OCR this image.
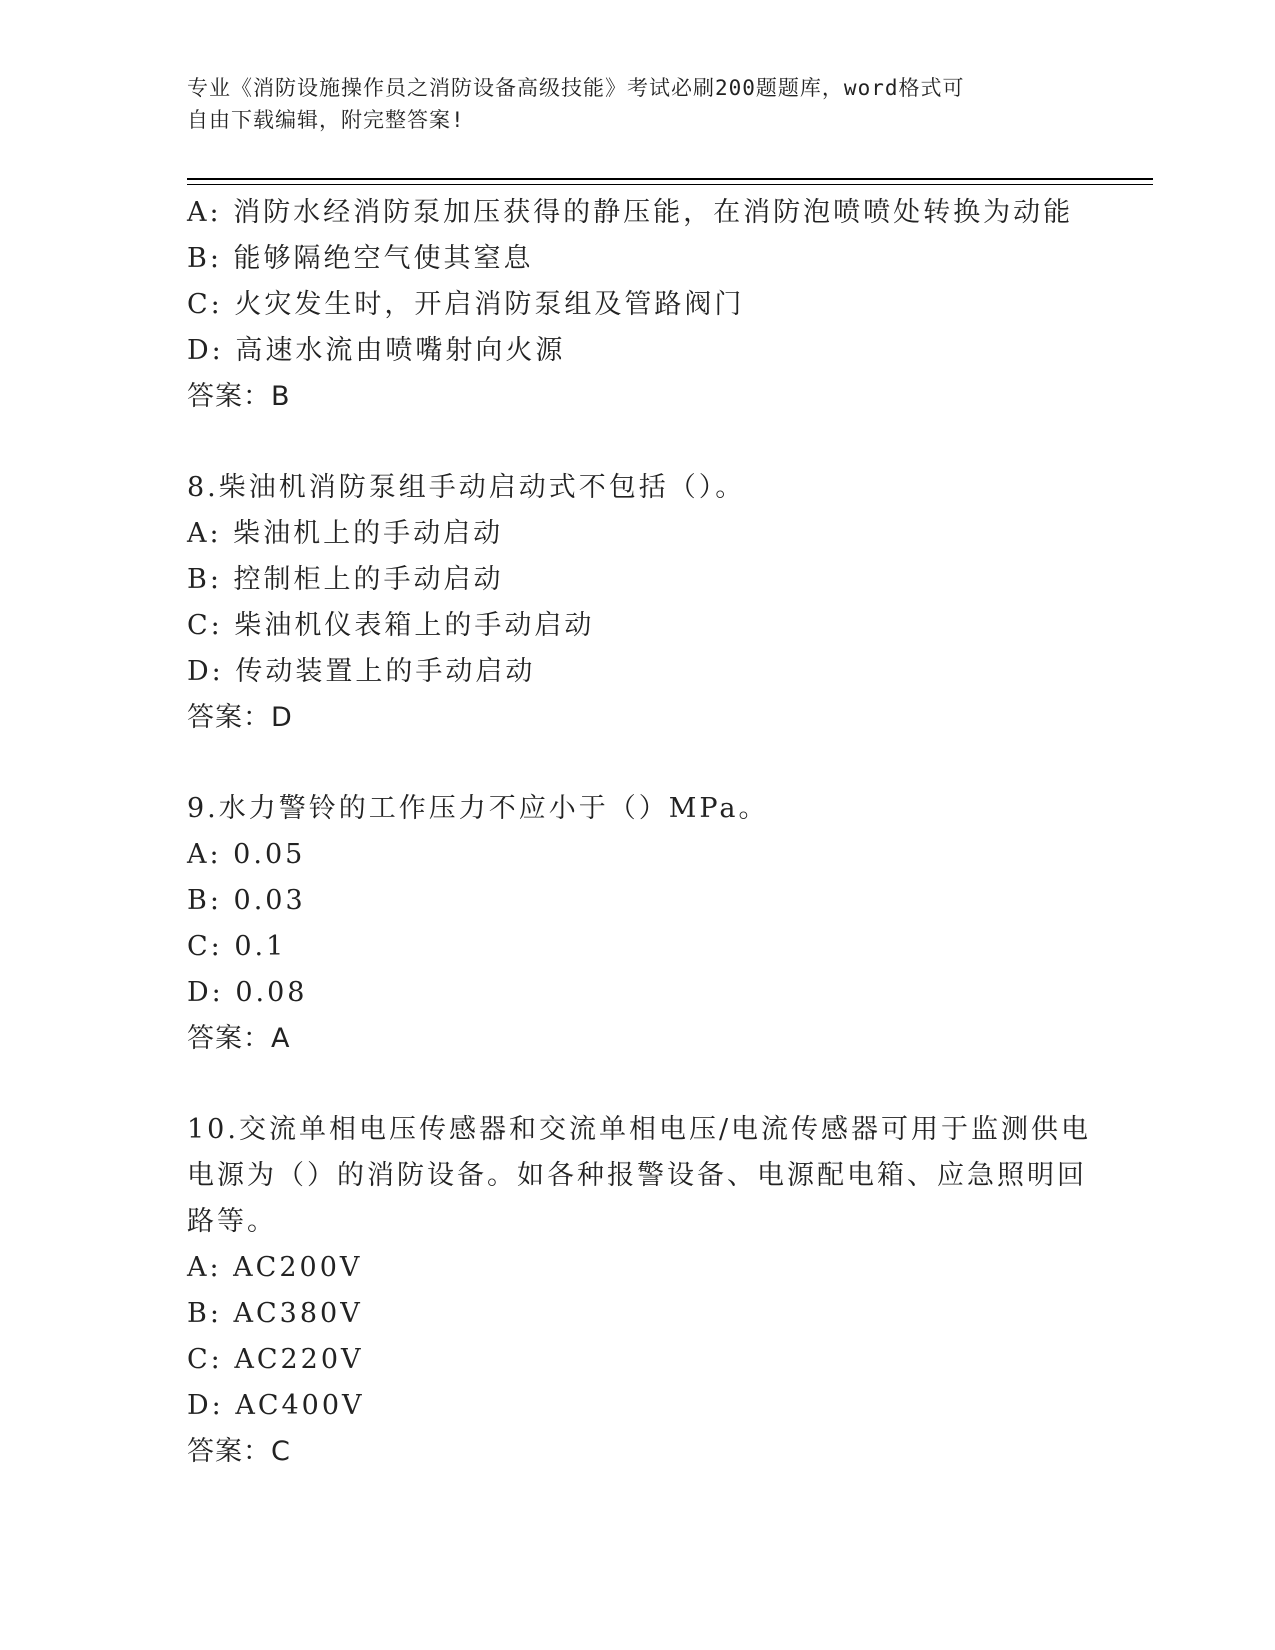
专业《消防设施操作员之消防设备高级技能》考试必刷200题题库，word格式可
自由下载编辑，附完整答案!
A: 消防水经消防泵加压获得的静压能，在消防泡喷喷处转换为动能
B: 能够隔绝空气使其窒息
C: 火灾发生时，开启消防泵组及管路阀门
D: 高速水流由喷嘴射向火源
答案：B
8.柴油机消防泵组手动启动式不包括（）。
A: 柴油机上的手动启动
B: 控制柜上的手动启动
C: 柴油机仪表箱上的手动启动
D: 传动装置上的手动启动
答案：D
9.水力警铃的工作压力不应小于（）MPa。
A: 0.05
B: 0.03
C: 0.1
D: 0.08
答案：A
10.交流单相电压传感器和交流单相电压/电流传感器可用于监测供电
电源为（）的消防设备。如各种报警设备、电源配电箱、应急照明回
路等。
A: AC200V
B: AC380V
C: AC220V
D: AC400V
答案：C
